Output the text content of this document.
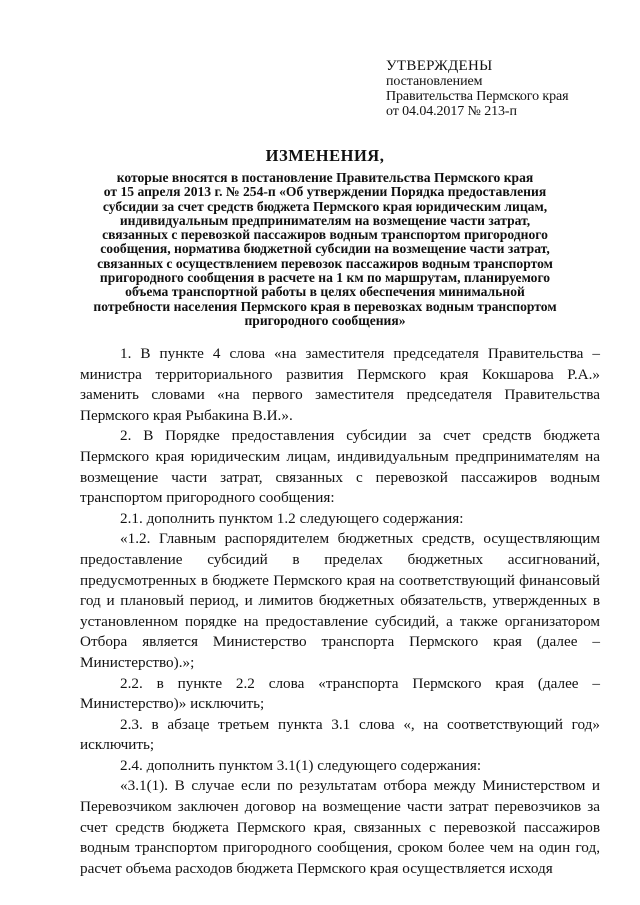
УТВЕРЖДЕНЫ
постановлением
Правительства Пермского края
от 04.04.2017 № 213-п
ИЗМЕНЕНИЯ,
которые вносятся в постановление Правительства Пермского края
от 15 апреля 2013 г. № 254-п «Об утверждении Порядка предоставления
субсидии за счет средств бюджета Пермского края юридическим лицам,
индивидуальным предпринимателям на возмещение части затрат,
связанных с перевозкой пассажиров водным транспортом пригородного
сообщения, норматива бюджетной субсидии на возмещение части затрат,
связанных с осуществлением перевозок пассажиров водным транспортом
пригородного сообщения в расчете на 1 км по маршрутам, планируемого
объема транспортной работы в целях обеспечения минимальной
потребности населения Пермского края в перевозках водным транспортом
пригородного сообщения»

1. В пункте 4 слова «на заместителя председателя Правительства – министра территориального развития Пермского края Кокшарова Р.А.» заменить словами «на первого заместителя председателя Правительства Пермского края Рыбакина В.И.».

2. В Порядке предоставления субсидии за счет средств бюджета Пермского края юридическим лицам, индивидуальным предпринимателям на возмещение части затрат, связанных с перевозкой пассажиров водным транспортом пригородного сообщения:

2.1. дополнить пунктом 1.2 следующего содержания:

«1.2. Главным распорядителем бюджетных средств, осуществляющим предоставление субсидий в пределах бюджетных ассигнований, предусмотренных в бюджете Пермского края на соответствующий финансовый год и плановый период, и лимитов бюджетных обязательств, утвержденных в установленном порядке на предоставление субсидий, а также организатором Отбора является Министерство транспорта Пермского края (далее – Министерство).»;

2.2. в пункте 2.2 слова «транспорта Пермского края (далее – Министерство)» исключить;

2.3. в абзаце третьем пункта 3.1 слова «, на соответствующий год» исключить;

2.4. дополнить пунктом 3.1(1) следующего содержания:

«3.1(1). В случае если по результатам отбора между Министерством и Перевозчиком заключен договор на возмещение части затрат перевозчиков за счет средств бюджета Пермского края, связанных с перевозкой пассажиров водным транспортом пригородного сообщения, сроком более чем на один год, расчет объема расходов бюджета Пермского края осуществляется исходя
